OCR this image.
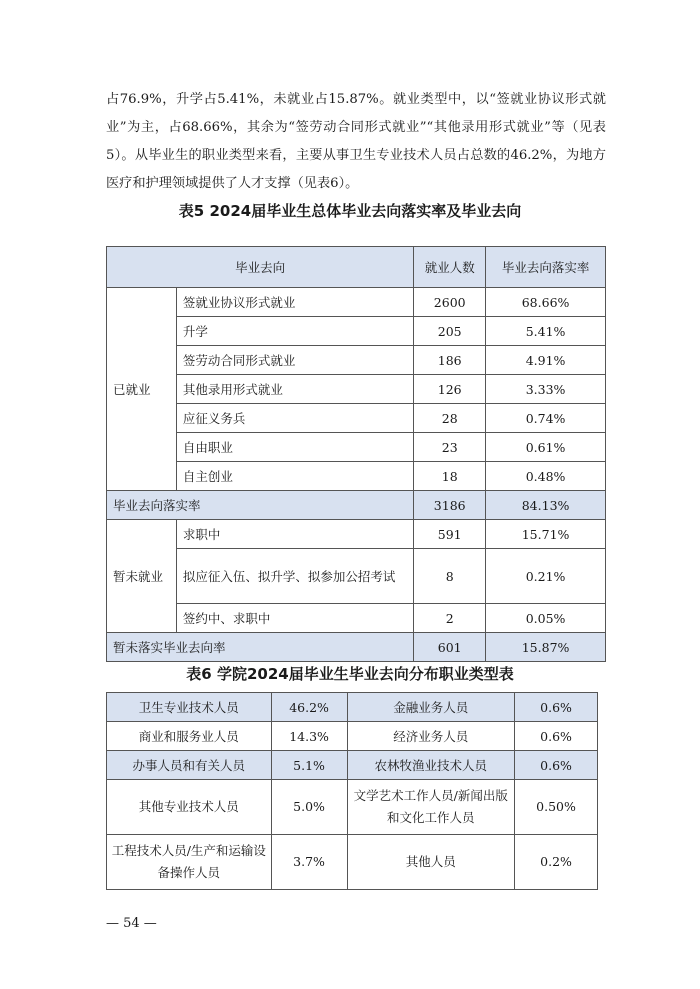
占76.9%，升学占5.41%，未就业占15.87%。就业类型中，以“签就业协议形式就业”为主，占68.66%，其余为“签劳动合同形式就业”“其他录用形式就业”等（见表5）。从毕业生的职业类型来看，主要从事卫生专业技术人员占总数的46.2%，为地方医疗和护理领域提供了人才支撑（见表6）。

表5 2024届毕业生总体毕业去向落实率及毕业去向

毕业去向		就业人数	毕业去向落实率
已就业	签就业协议形式就业	2600	68.66%
	升学	205	5.41%
	签劳动合同形式就业	186	4.91%
	其他录用形式就业	126	3.33%
	应征义务兵	28	0.74%
	自由职业	23	0.61%
	自主创业	18	0.48%
毕业去向落实率		3186	84.13%
暂未就业	求职中	591	15.71%
	拟应征入伍、拟升学、拟参加公招考试	8	0.21%
	签约中、求职中	2	0.05%
暂未落实毕业去向率		601	15.87%

表6 学院2024届毕业生毕业去向分布职业类型表

卫生专业技术人员	46.2%	金融业务人员	0.6%
商业和服务业人员	14.3%	经济业务人员	0.6%
办事人员和有关人员	5.1%	农林牧渔业技术人员	0.6%
其他专业技术人员	5.0%	文学艺术工作人员/新闻出版和文化工作人员	0.50%
工程技术人员/生产和运输设备操作人员	3.7%	其他人员	0.2%
— 54 —
